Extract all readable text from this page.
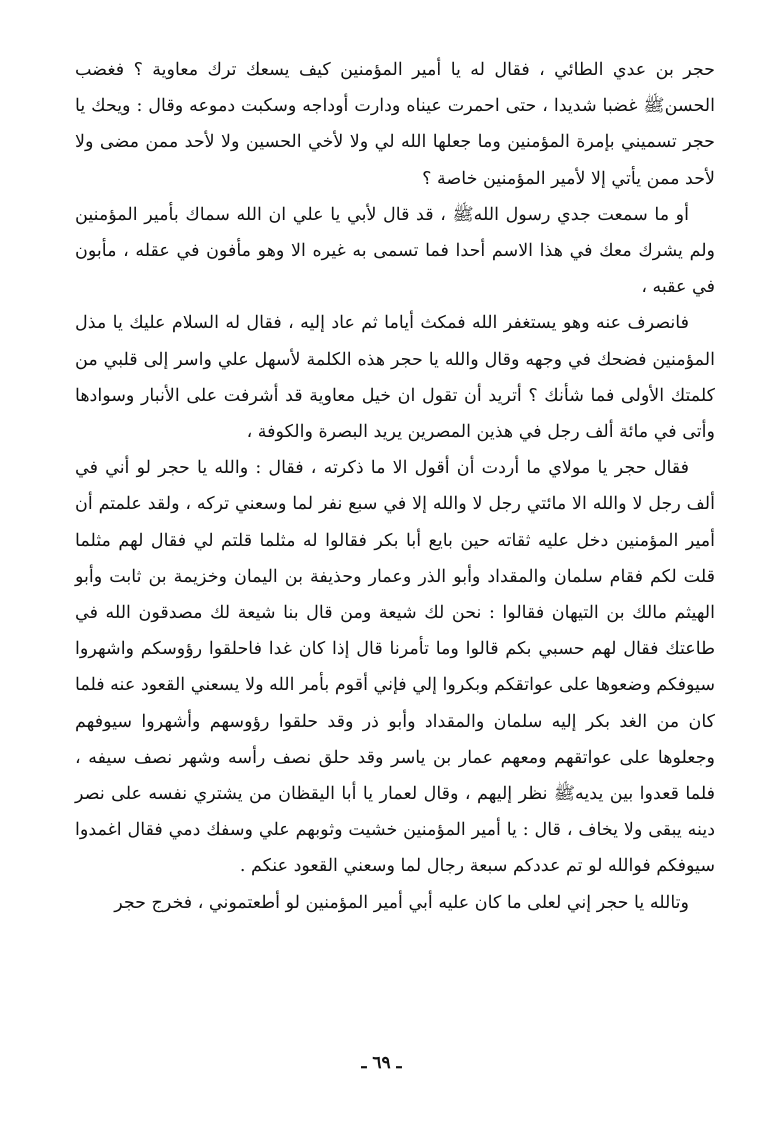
حجر بن عدي الطائي ، فقال له يا أمير المؤمنين كيف يسعك ترك معاوية ؟ فغضب الحسنﷺ غضبا شديدا ، حتى احمرت عيناه ودارت أوداجه وسكبت دموعه وقال : ويحك يا حجر تسميني بإمرة المؤمنين وما جعلها الله لي ولا لأخي الحسين ولا لأحد ممن مضى ولا لأحد ممن يأتي إلا لأمير المؤمنين خاصة ؟

أو ما سمعت جدي رسول اللهﷺ ، قد قال لأبي يا علي ان الله سماك بأمير المؤمنين ولم يشرك معك في هذا الاسم أحدا فما تسمى به غيره الا وهو مأفون في عقله ، مأبون في عقبه ،

فانصرف عنه وهو يستغفر الله فمكث أياما ثم عاد إليه ، فقال له السلام عليك يا مذل المؤمنين فضحك في وجهه وقال والله يا حجر هذه الكلمة لأسهل علي واسر إلى قلبي من كلمتك الأولى فما شأنك ؟ أتريد أن تقول ان خيل معاوية قد أشرفت على الأنبار وسوادها وأتى في مائة ألف رجل في هذين المصرين يريد البصرة والكوفة ،

فقال حجر يا مولاي ما أردت أن أقول الا ما ذكرته ، فقال : والله يا حجر لو أني في ألف رجل لا والله الا مائتي رجل لا والله إلا في سبع نفر لما وسعني تركه ، ولقد علمتم أن أمير المؤمنين دخل عليه ثقاته حين بايع أبا بكر فقالوا له مثلما قلتم لي فقال لهم مثلما قلت لكم فقام سلمان والمقداد وأبو الذر وعمار وحذيفة بن اليمان وخزيمة بن ثابت وأبو الهيثم مالك بن التيهان فقالوا : نحن لك شيعة ومن قال بنا شيعة لك مصدقون الله في طاعتك فقال لهم حسبي بكم قالوا وما تأمرنا قال إذا كان غدا فاحلقوا رؤوسكم واشهروا سيوفكم وضعوها على عواتقكم وبكروا إلي فإني أقوم بأمر الله ولا يسعني القعود عنه فلما كان من الغد بكر إليه سلمان والمقداد وأبو ذر وقد حلقوا رؤوسهم وأشهروا سيوفهم وجعلوها على عواتقهم ومعهم عمار بن ياسر وقد حلق نصف رأسه وشهر نصف سيفه ، فلما قعدوا بين يديهﷺ نظر إليهم ، وقال لعمار يا أبا اليقظان من يشتري نفسه على نصر دينه يبقى ولا يخاف ، قال : يا أمير المؤمنين خشيت وثوبهم علي وسفك دمي فقال اغمدوا سيوفكم فوالله لو تم عددكم سبعة رجال لما وسعني القعود عنكم .

وتالله يا حجر إني لعلى ما كان عليه أبي أمير المؤمنين لو أطعتموني ، فخرج حجر

ـ ٦٩ ـ
